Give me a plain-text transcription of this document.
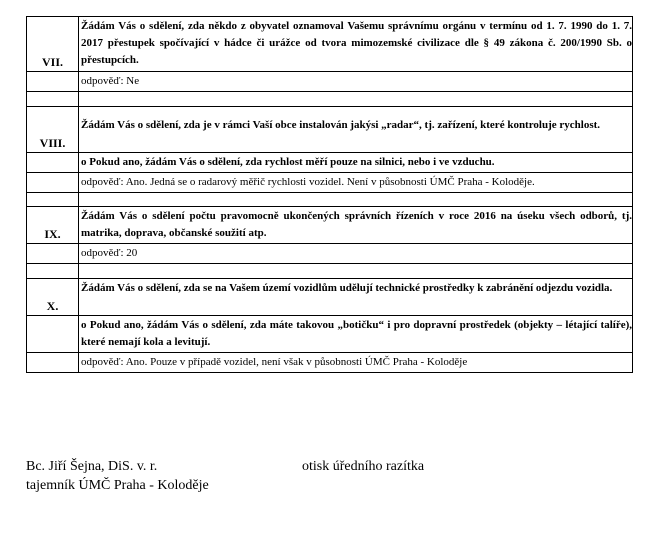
VII.	Žádám Vás o sdělení, zda někdo z obyvatel oznamoval Vašemu správnímu orgánu v termínu od 1. 7. 1990 do 1. 7. 2017 přestupek spočívající v hádce či urážce od tvora mimozemské civilizace dle § 49 zákona č. 200/1990 Sb. o přestupcích.
	odpověď: Ne

VIII.	Žádám Vás o sdělení, zda je v rámci Vaší obce instalován jakýsi „radar“, tj. zařízení, které kontroluje rychlost.
	o Pokud ano, žádám Vás o sdělení, zda rychlost měří pouze na silnici, nebo i ve vzduchu.
	odpověď: Ano. Jedná se o radarový měřič rychlosti vozidel. Není v působnosti ÚMČ Praha - Koloděje.

IX.	Žádám Vás o sdělení počtu pravomocně ukončených správních řízeních v roce 2016 na úseku všech odborů, tj. matrika, doprava, občanské soužití atp.
	odpověď: 20

X.	Žádám Vás o sdělení, zda se na Vašem území vozidlům udělují technické prostředky k zabránění odjezdu vozidla.
	o Pokud ano, žádám Vás o sdělení, zda máte takovou „botičku“ i pro dopravní prostředek (objekty – létající talíře), které nemají kola a levitují.
	odpověď: Ano. Pouze v případě vozidel, není však v působnosti ÚMČ Praha - Koloděje
Bc. Jiří Šejna, DiS. v. r.
tajemník ÚMČ Praha - Koloděje
otisk úředního razítka
